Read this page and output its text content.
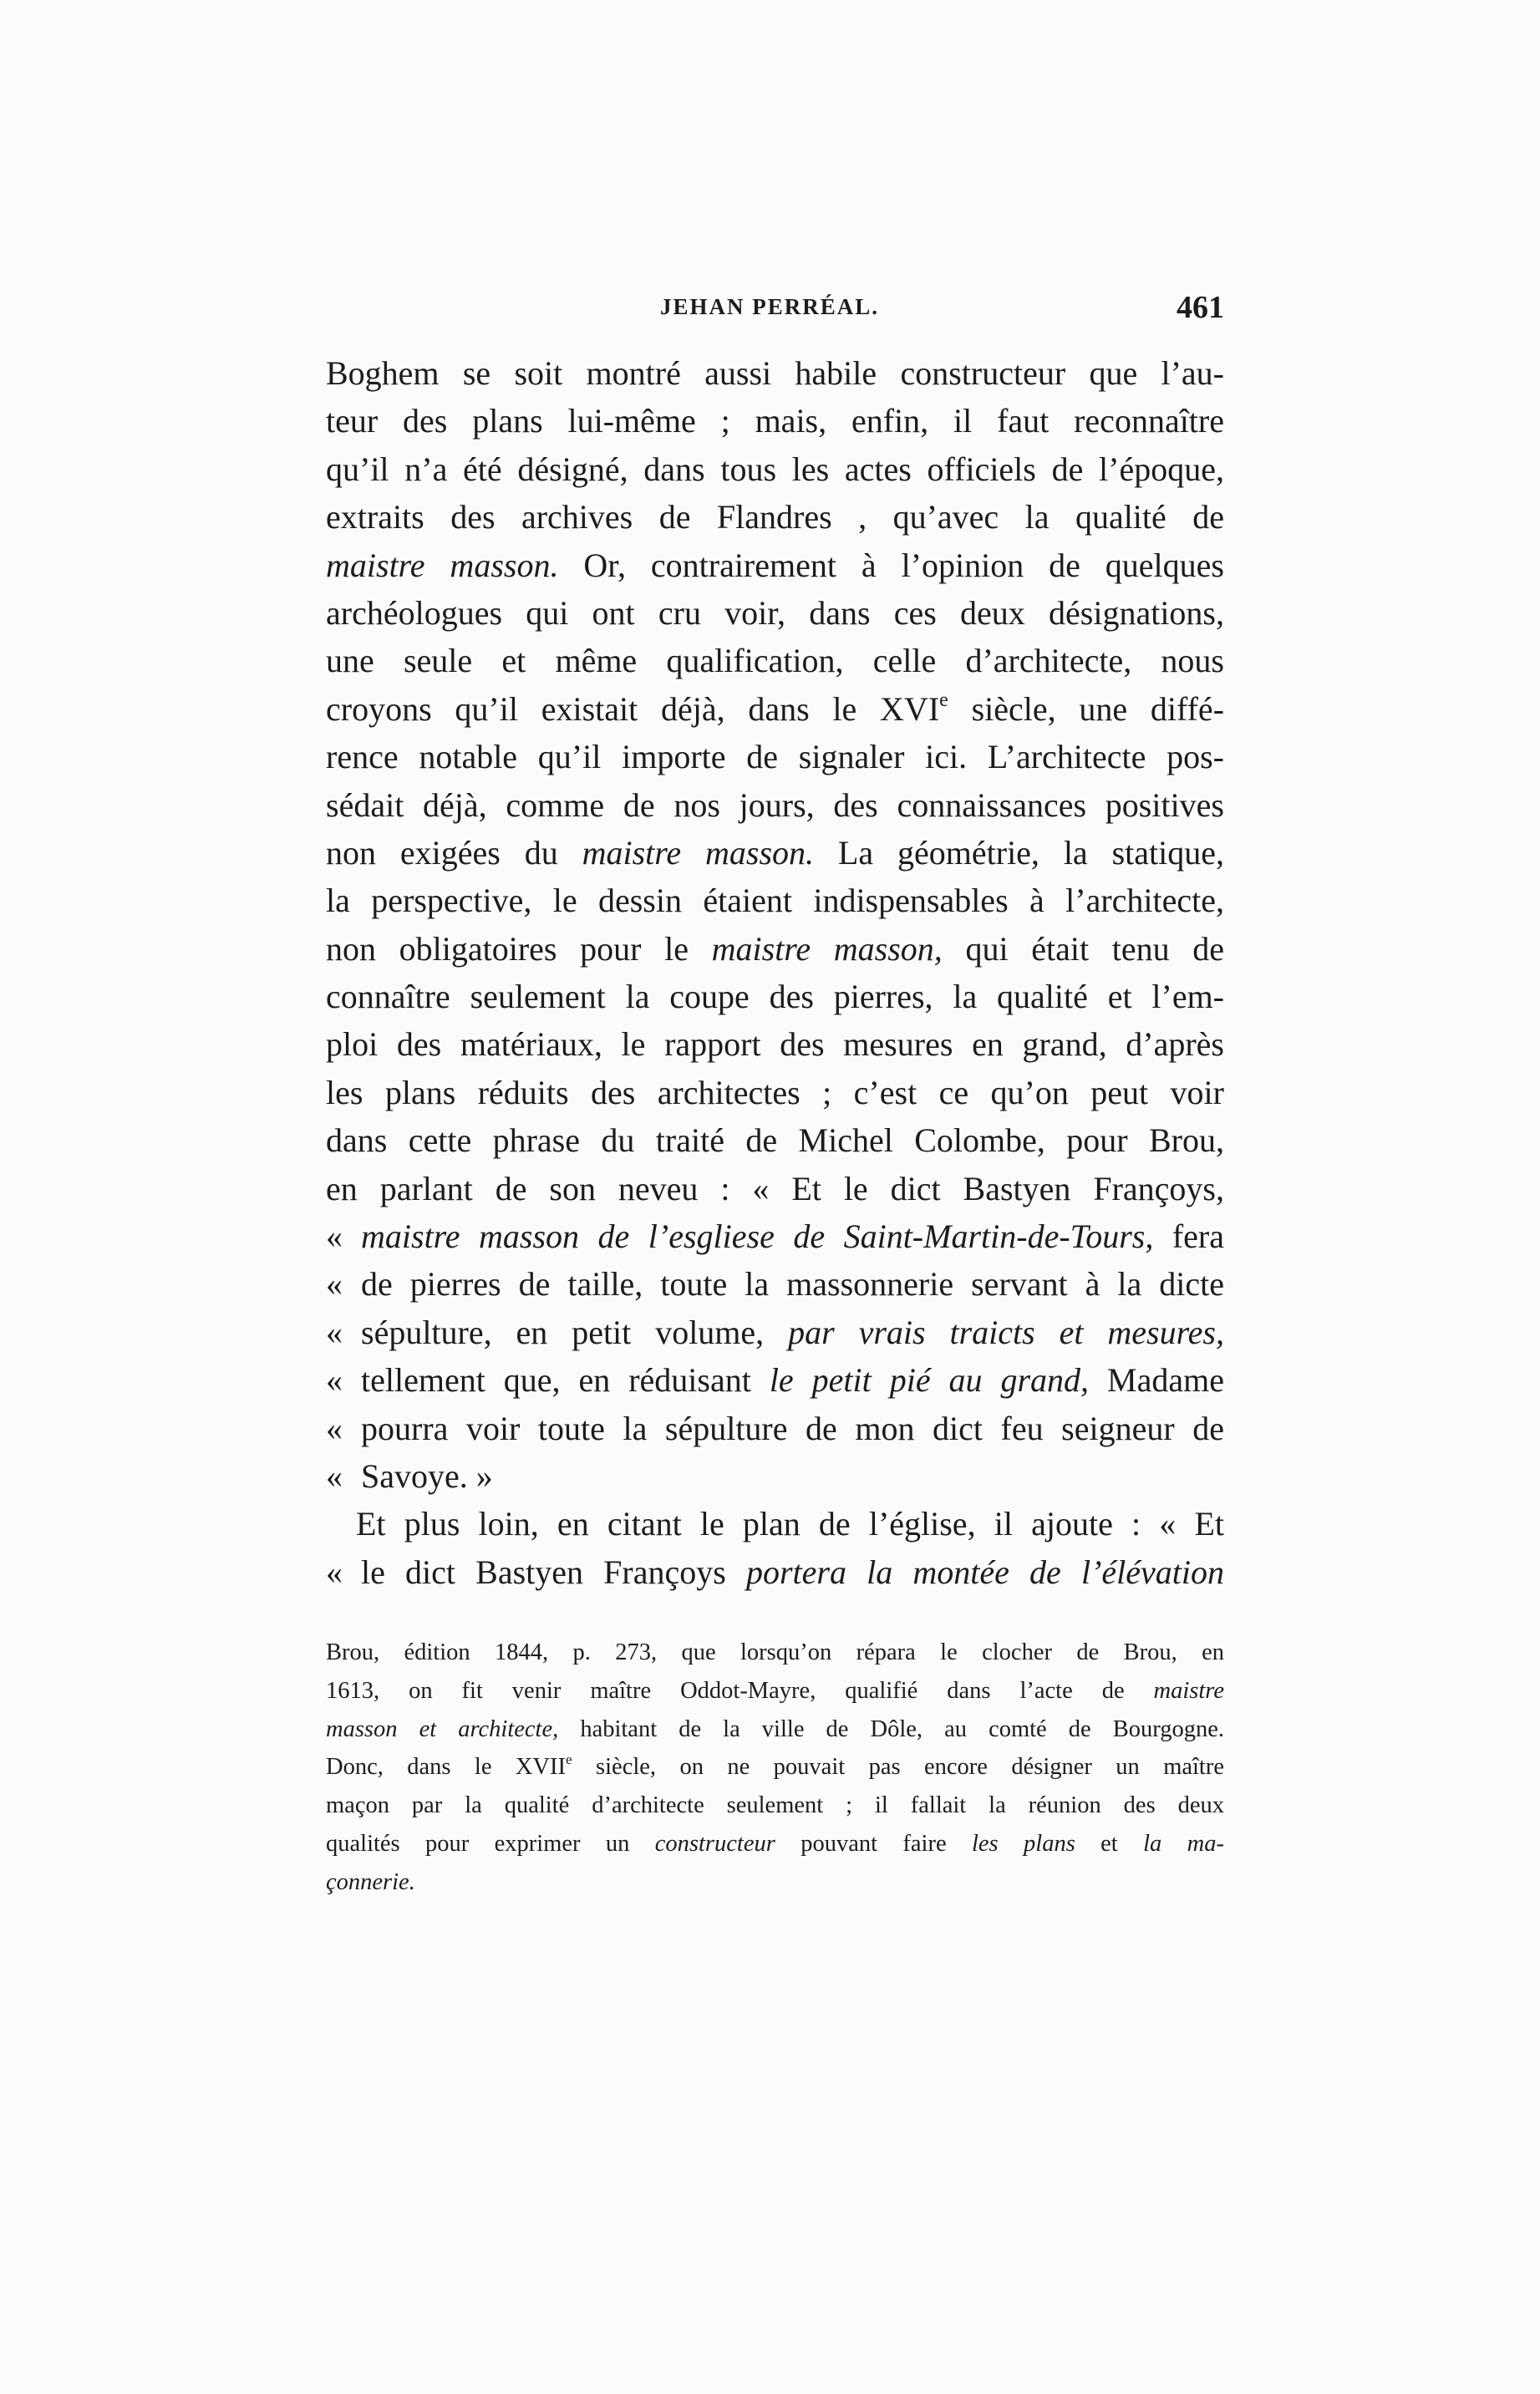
JEHAN PERRÉAL.	461
Boghem se soit montré aussi habile constructeur que l’au-
teur des plans lui-même ; mais, enfin, il faut reconnaître
qu’il n’a été désigné, dans tous les actes officiels de l’époque,
extraits des archives de Flandres , qu’avec la qualité de
maistre masson. Or, contrairement à l’opinion de quelques
archéologues qui ont cru voir, dans ces deux désignations,
une seule et même qualification, celle d’architecte, nous
croyons qu’il existait déjà, dans le XVIe siècle, une diffé-
rence notable qu’il importe de signaler ici. L’architecte pos-
sédait déjà, comme de nos jours, des connaissances positives
non exigées du maistre masson. La géométrie, la statique,
la perspective, le dessin étaient indispensables à l’architecte,
non obligatoires pour le maistre masson, qui était tenu de
connaître seulement la coupe des pierres, la qualité et l’em-
ploi des matériaux, le rapport des mesures en grand, d’après
les plans réduits des architectes ; c’est ce qu’on peut voir
dans cette phrase du traité de Michel Colombe, pour Brou,
en parlant de son neveu : « Et le dict Bastyen Françoys,
« maistre masson de l’esgliese de Saint-Martin-de-Tours, fera
« de pierres de taille, toute la massonnerie servant à la dicte
« sépulture, en petit volume, par vrais traicts et mesures,
« tellement que, en réduisant le petit pié au grand, Madame
« pourra voir toute la sépulture de mon dict feu seigneur de
« Savoye. »
Et plus loin, en citant le plan de l’église, il ajoute : « Et
« le dict Bastyen Françoys portera la montée de l’élévation
Brou, édition 1844, p. 273, que lorsqu’on répara le clocher de Brou, en
1613, on fit venir maître Oddot-Mayre, qualifié dans l’acte de maistre
masson et architecte, habitant de la ville de Dôle, au comté de Bourgogne.
Donc, dans le XVIIe siècle, on ne pouvait pas encore désigner un maître
maçon par la qualité d’architecte seulement ; il fallait la réunion des deux
qualités pour exprimer un constructeur pouvant faire les plans et la ma-
çonnerie.
